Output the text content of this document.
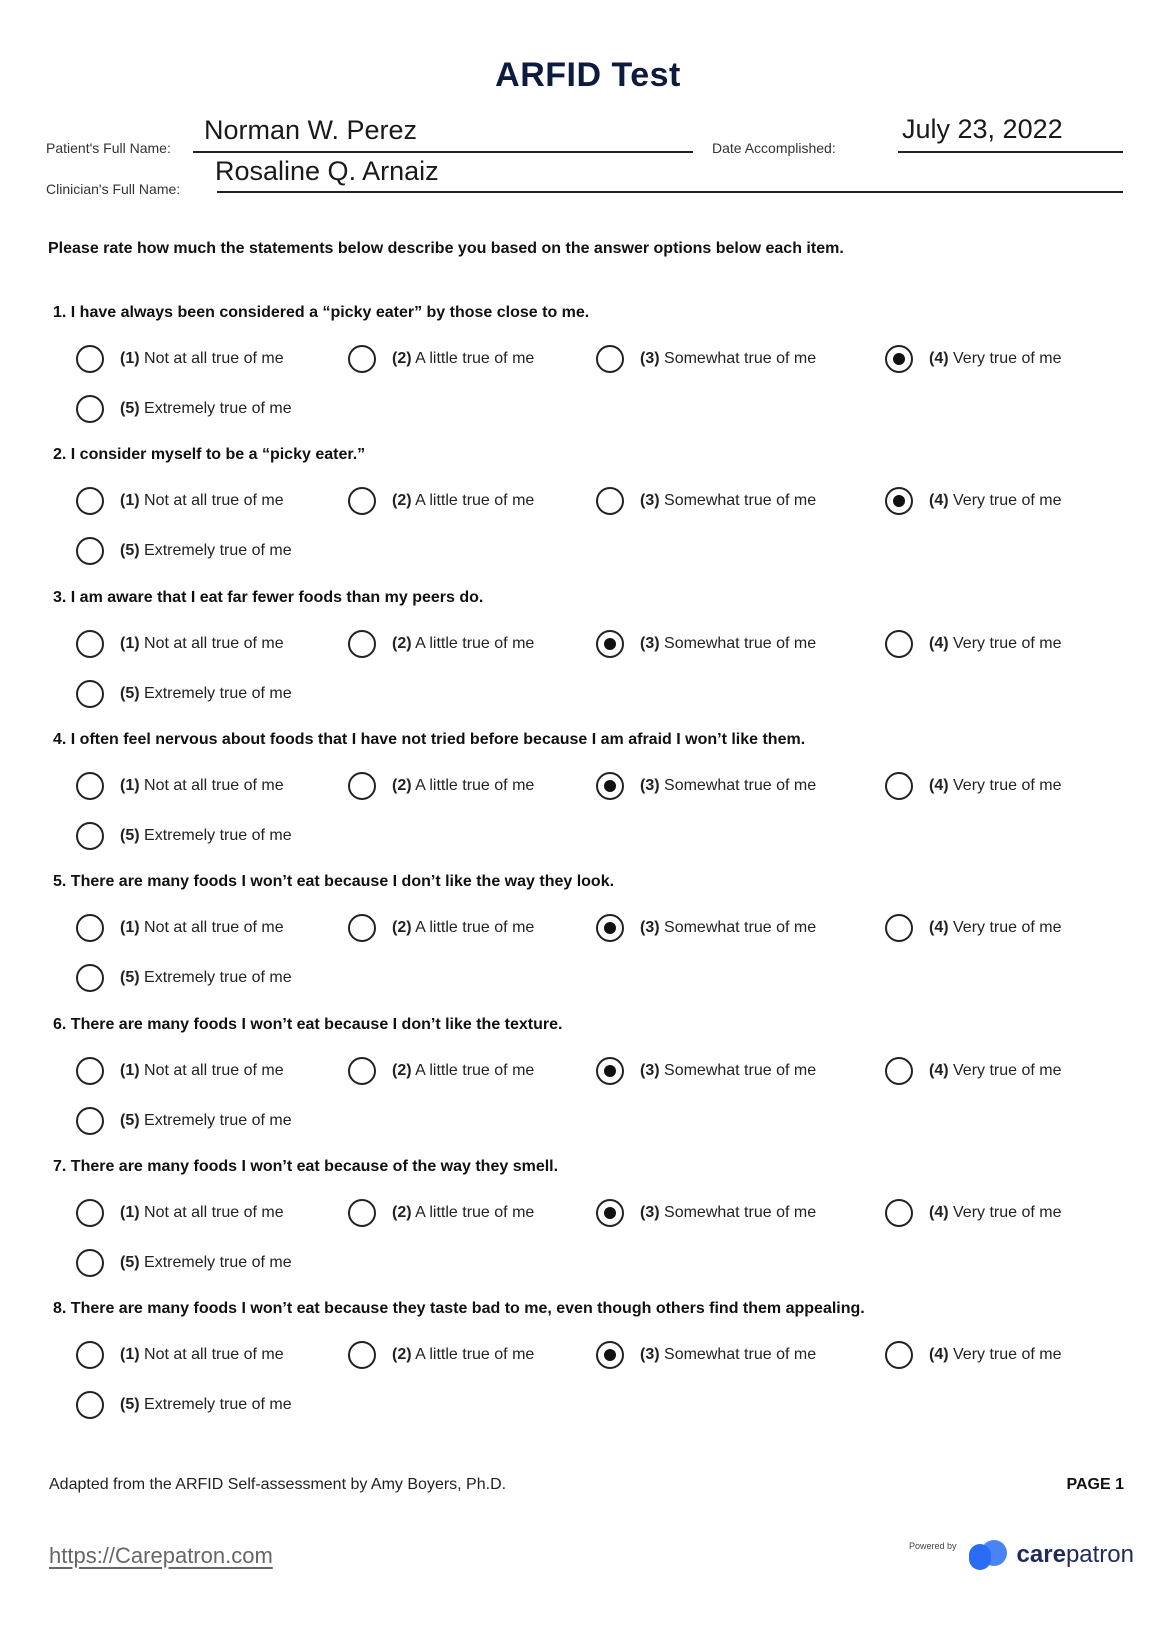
ARFID Test
Patient's Full Name:
Norman W. Perez
Date Accomplished:
July 23, 2022
Clinician's Full Name:
Rosaline Q. Arnaiz
Please rate how much the statements below describe you based on the answer options below each item.
1. I have always been considered a “picky eater” by those close to me.
(1) Not at all true of me	(2) A little true of me	(3) Somewhat true of me	(4) Very true of me
(5) Extremely true of me
2. I consider myself to be a “picky eater.”
(1) Not at all true of me	(2) A little true of me	(3) Somewhat true of me	(4) Very true of me
(5) Extremely true of me
3. I am aware that I eat far fewer foods than my peers do.
(1) Not at all true of me	(2) A little true of me	(3) Somewhat true of me	(4) Very true of me
(5) Extremely true of me
4. I often feel nervous about foods that I have not tried before because I am afraid I won’t like them.
(1) Not at all true of me	(2) A little true of me	(3) Somewhat true of me	(4) Very true of me
(5) Extremely true of me
5. There are many foods I won’t eat because I don’t like the way they look.
(1) Not at all true of me	(2) A little true of me	(3) Somewhat true of me	(4) Very true of me
(5) Extremely true of me
6. There are many foods I won’t eat because I don’t like the texture.
(1) Not at all true of me	(2) A little true of me	(3) Somewhat true of me	(4) Very true of me
(5) Extremely true of me
7. There are many foods I won’t eat because of the way they smell.
(1) Not at all true of me	(2) A little true of me	(3) Somewhat true of me	(4) Very true of me
(5) Extremely true of me
8. There are many foods I won’t eat because they taste bad to me, even though others find them appealing.
(1) Not at all true of me	(2) A little true of me	(3) Somewhat true of me	(4) Very true of me
(5) Extremely true of me
Adapted from the ARFID Self-assessment by Amy Boyers, Ph.D.	PAGE 1
https://Carepatron.com	Powered by	carepatron
